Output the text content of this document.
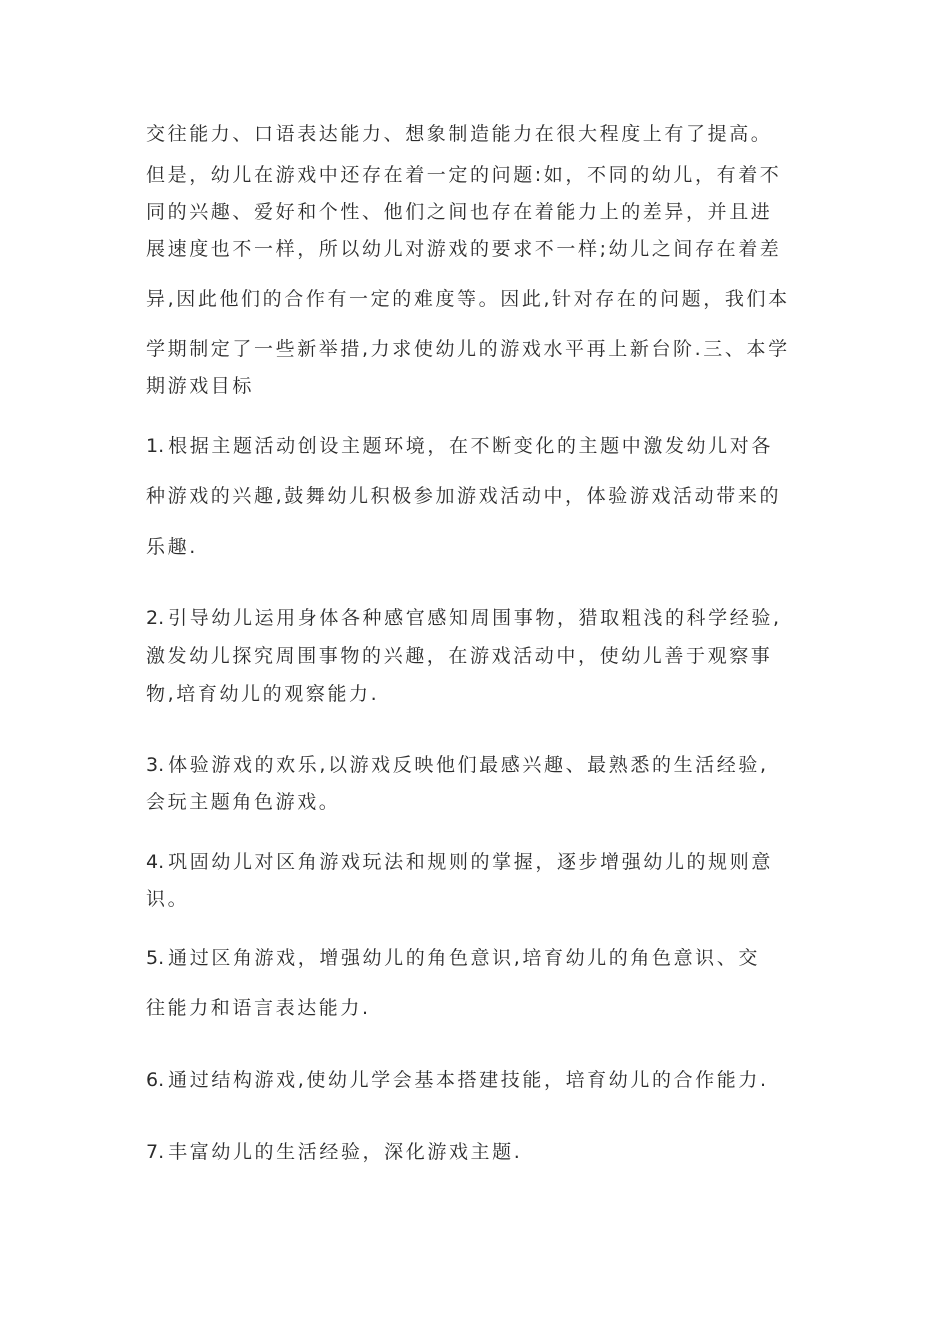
交往能力、口语表达能力、想象制造能力在很大程度上有了提高。
但是，幼儿在游戏中还存在着一定的问题:如，不同的幼儿，有着不
同的兴趣、爱好和个性、他们之间也存在着能力上的差异，并且进
展速度也不一样，所以幼儿对游戏的要求不一样;幼儿之间存在着差
异,因此他们的合作有一定的难度等。因此,针对存在的问题，我们本
学期制定了一些新举措,力求使幼儿的游戏水平再上新台阶.三、本学
期游戏目标
1. 根据主题活动创设主题环境，在不断变化的主题中激发幼儿对各
种游戏的兴趣,鼓舞幼儿积极参加游戏活动中，体验游戏活动带来的
乐趣.
2. 引导幼儿运用身体各种感官感知周围事物，猎取粗浅的科学经验,
激发幼儿探究周围事物的兴趣，在游戏活动中，使幼儿善于观察事
物,培育幼儿的观察能力.
3. 体验游戏的欢乐,以游戏反映他们最感兴趣、最熟悉的生活经验,
会玩主题角色游戏。
4. 巩固幼儿对区角游戏玩法和规则的掌握，逐步增强幼儿的规则意
识。
5. 通过区角游戏，增强幼儿的角色意识,培育幼儿的角色意识、交
往能力和语言表达能力.
6. 通过结构游戏,使幼儿学会基本搭建技能，培育幼儿的合作能力.
7. 丰富幼儿的生活经验，深化游戏主题.
